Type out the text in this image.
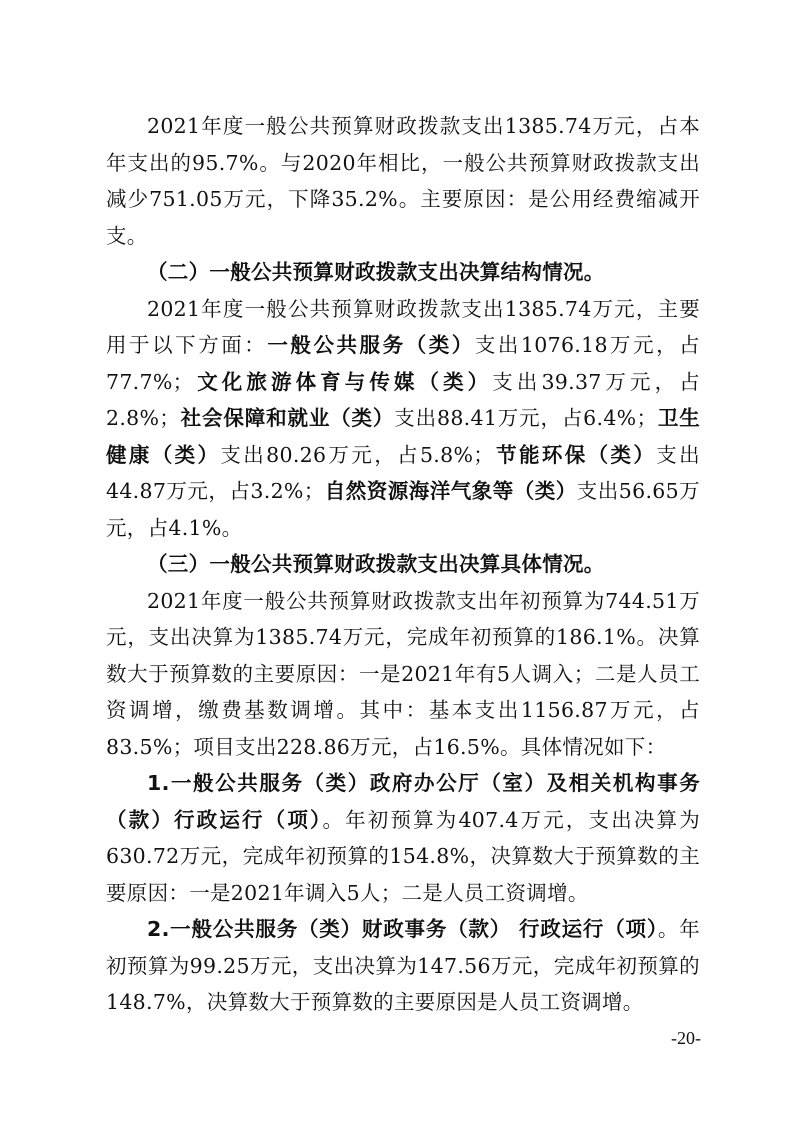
2021年度一般公共预算财政拨款支出1385.74万元，占本年支出的95.7%。与2020年相比，一般公共预算财政拨款支出减少751.05万元，下降35.2%。主要原因：是公用经费缩减开支。

（二）一般公共预算财政拨款支出决算结构情况。

2021年度一般公共预算财政拨款支出1385.74万元，主要用于以下方面：一般公共服务（类）支出1076.18万元，占77.7%；文化旅游体育与传媒（类）支出39.37万元，占2.8%；社会保障和就业（类）支出88.41万元，占6.4%；卫生健康（类）支出80.26万元，占5.8%；节能环保（类）支出44.87万元，占3.2%；自然资源海洋气象等（类）支出56.65万元，占4.1%。

（三）一般公共预算财政拨款支出决算具体情况。

2021年度一般公共预算财政拨款支出年初预算为744.51万元，支出决算为1385.74万元，完成年初预算的186.1%。决算数大于预算数的主要原因：一是2021年有5人调入；二是人员工资调增，缴费基数调增。其中：基本支出1156.87万元，占83.5%；项目支出228.86万元，占16.5%。具体情况如下：

1.一般公共服务（类）政府办公厅（室）及相关机构事务（款）行政运行（项）。年初预算为407.4万元，支出决算为630.72万元，完成年初预算的154.8%，决算数大于预算数的主要原因：一是2021年调入5人；二是人员工资调增。

2.一般公共服务（类）财政事务（款） 行政运行（项）。年初预算为99.25万元，支出决算为147.56万元，完成年初预算的148.7%，决算数大于预算数的主要原因是人员工资调增。

-20-
